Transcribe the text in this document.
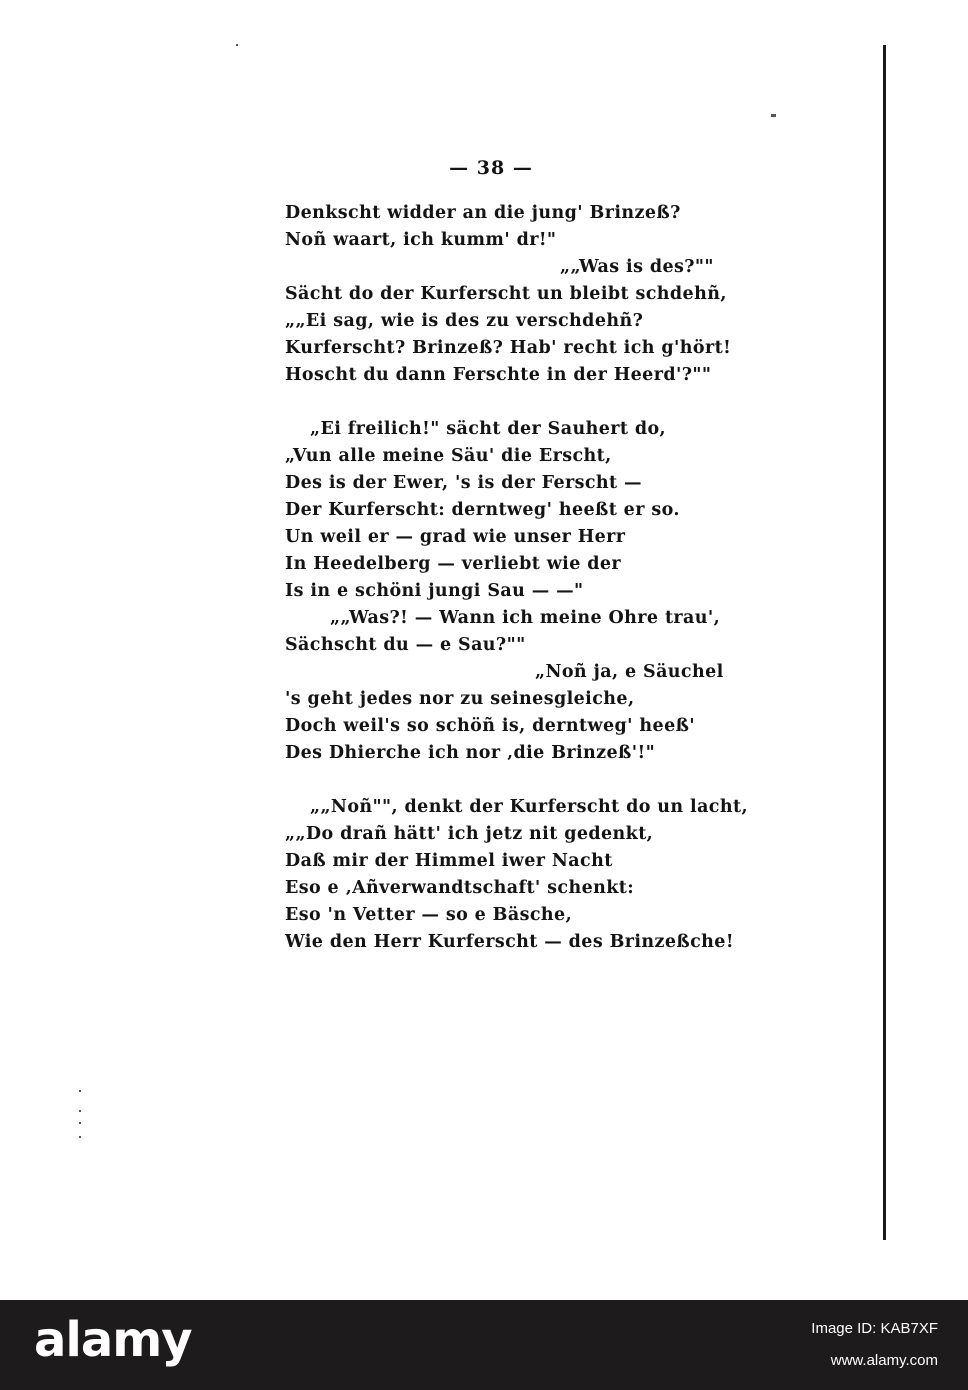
— 38 —
Denkscht widder an die jung' Brinzeß?
Noñ waart, ich kumm' dr!"
„„Was is des?""
Sächt do der Kurferscht un bleibt schdehñ,
„„Ei sag, wie is des zu verschdehñ?
Kurferscht? Brinzeß? Hab' recht ich g'hört!
Hoscht du dann Ferschte in der Heerd'?""
„Ei freilich!" sächt der Sauhert do,
„Vun alle meine Säu' die Erscht,
Des is der Ewer, 's is der Ferscht —
Der Kurferscht: derntweg' heeßt er so.
Un weil er — grad wie unser Herr
In Heedelberg — verliebt wie der
Is in e schöni jungi Sau — —"
„„Was?! — Wann ich meine Ohre trau',
Sächscht du — e Sau?""
„Noñ ja, e Säuchel
's geht jedes nor zu seinesgleiche,
Doch weil's so schöñ is, derntweg' heeß'
Des Dhierche ich nor ‚die Brinzeß'!"
„„Noñ"", denkt der Kurferscht do un lacht,
„„Do drañ hätt' ich jetz nit gedenkt,
Daß mir der Himmel iwer Nacht
Eso e ‚Añverwandtschaft' schenkt:
Eso 'n Vetter — so e Bäsche,
Wie den Herr Kurferscht — des Brinzeßche!
alamy	Image ID: KAB7XF
www.alamy.com
